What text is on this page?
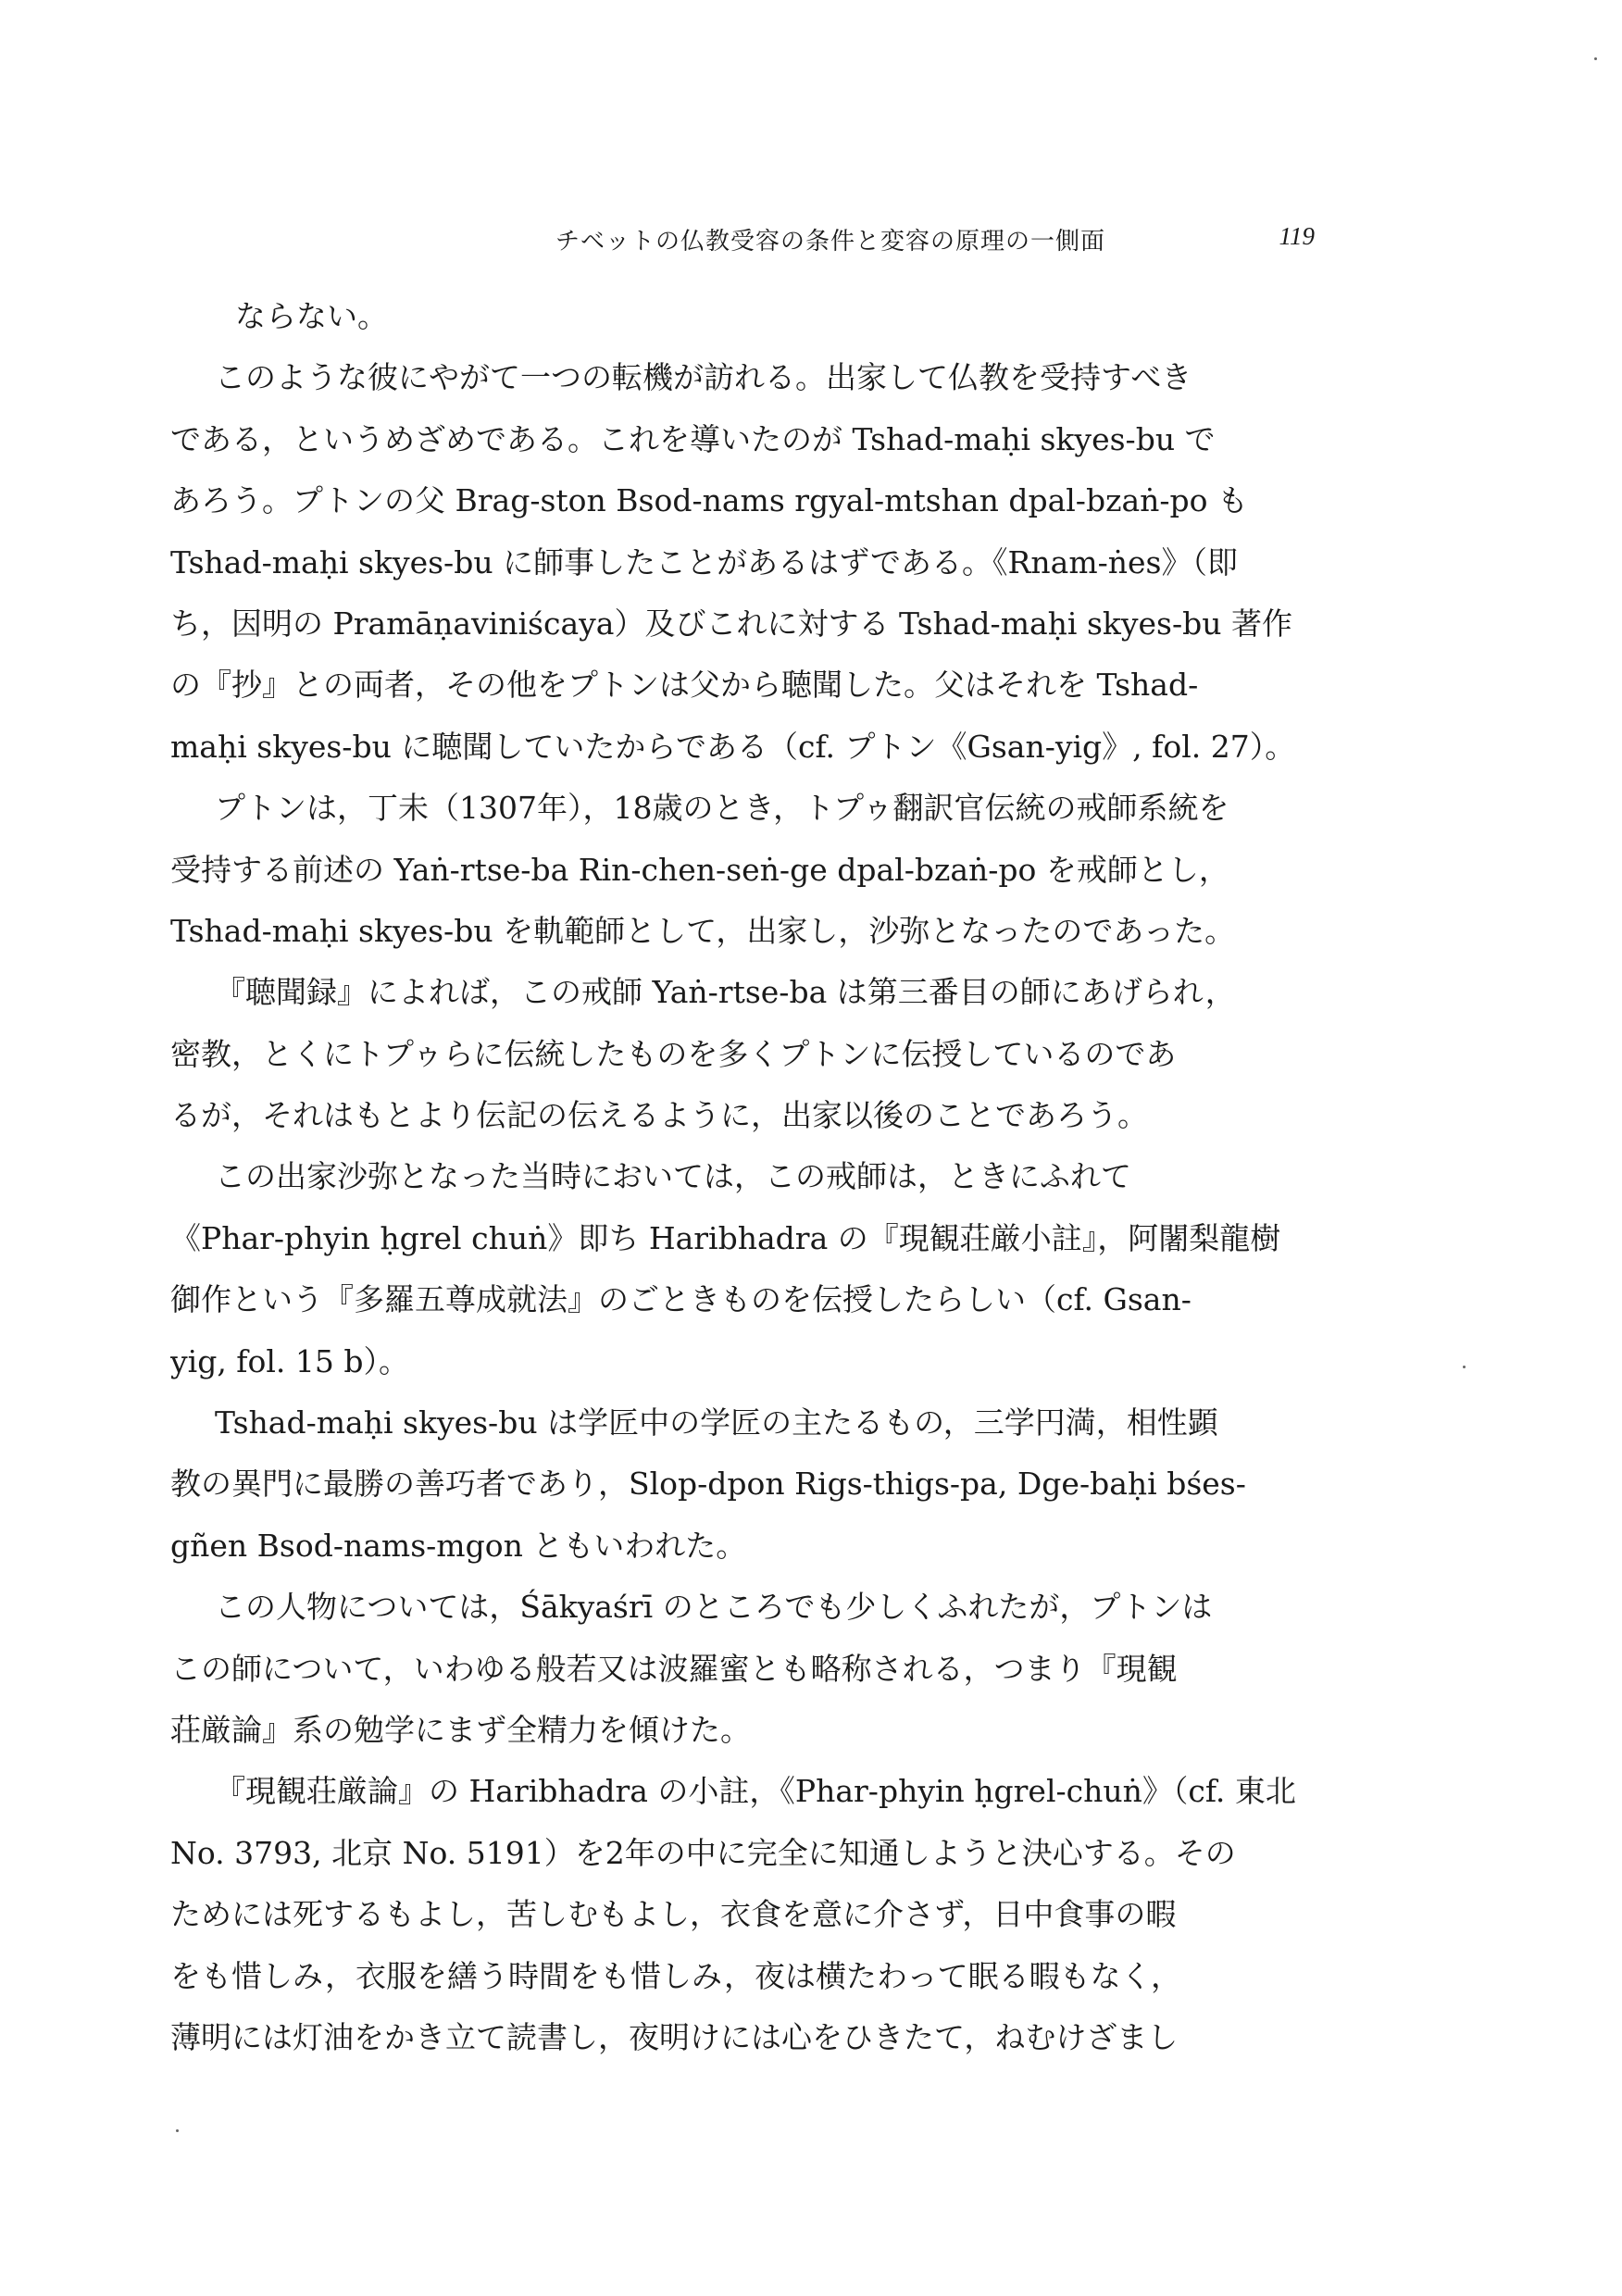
チベットの仏教受容の条件と変容の原理の一側面	119
ならない。
このような彼にやがて一つの転機が訪れる。出家して仏教を受持すべき
である，というめざめである。これを導いたのが Tshad-maḥi skyes-bu で
あろう。プトンの父 Brag-ston Bsod-nams rgyal-mtshan dpal-bzaṅ-po も
Tshad-maḥi skyes-bu に師事したことがあるはずである。《Rnam-ṅes》（即
ち，因明の Pramāṇaviniścaya）及びこれに対する Tshad-maḥi skyes-bu 著作
の『抄』との両者，その他をプトンは父から聴聞した。父はそれを Tshad-
maḥi skyes-bu に聴聞していたからである（cf. プトン《Gsan-yig》, fol. 27）。
プトンは，丁未（1307年），18歳のとき，トプゥ翻訳官伝統の戒師系統を
受持する前述の Yaṅ-rtse-ba Rin-chen-seṅ-ge dpal-bzaṅ-po を戒師とし，
Tshad-maḥi skyes-bu を軌範師として，出家し，沙弥となったのであった。
『聴聞録』によれば，この戒師 Yaṅ-rtse-ba は第三番目の師にあげられ，
密教，とくにトプゥらに伝統したものを多くプトンに伝授しているのであ
るが，それはもとより伝記の伝えるように，出家以後のことであろう。
この出家沙弥となった当時においては，この戒師は，ときにふれて
《Phar-phyin ḥgrel chuṅ》即ち Haribhadra の『現観荘厳小註』，阿闍梨龍樹
御作という『多羅五尊成就法』のごときものを伝授したらしい（cf. Gsan-
yig, fol. 15 b）。
Tshad-maḥi skyes-bu は学匠中の学匠の主たるもの，三学円満，相性顕
教の異門に最勝の善巧者であり，Slop-dpon Rigs-thigs-pa, Dge-baḥi bśes-
gñen Bsod-nams-mgon ともいわれた。
この人物については，Śākyaśrī のところでも少しくふれたが，プトンは
この師について，いわゆる般若又は波羅蜜とも略称される，つまり『現観
荘厳論』系の勉学にまず全精力を傾けた。
『現観荘厳論』の Haribhadra の小註，《Phar-phyin ḥgrel-chuṅ》（cf. 東北
No. 3793, 北京 No. 5191）を2年の中に完全に知通しようと決心する。その
ためには死するもよし，苦しむもよし，衣食を意に介さず，日中食事の暇
をも惜しみ，衣服を繕う時間をも惜しみ，夜は横たわって眠る暇もなく，
薄明には灯油をかき立て読書し，夜明けには心をひきたて，ねむけざまし
